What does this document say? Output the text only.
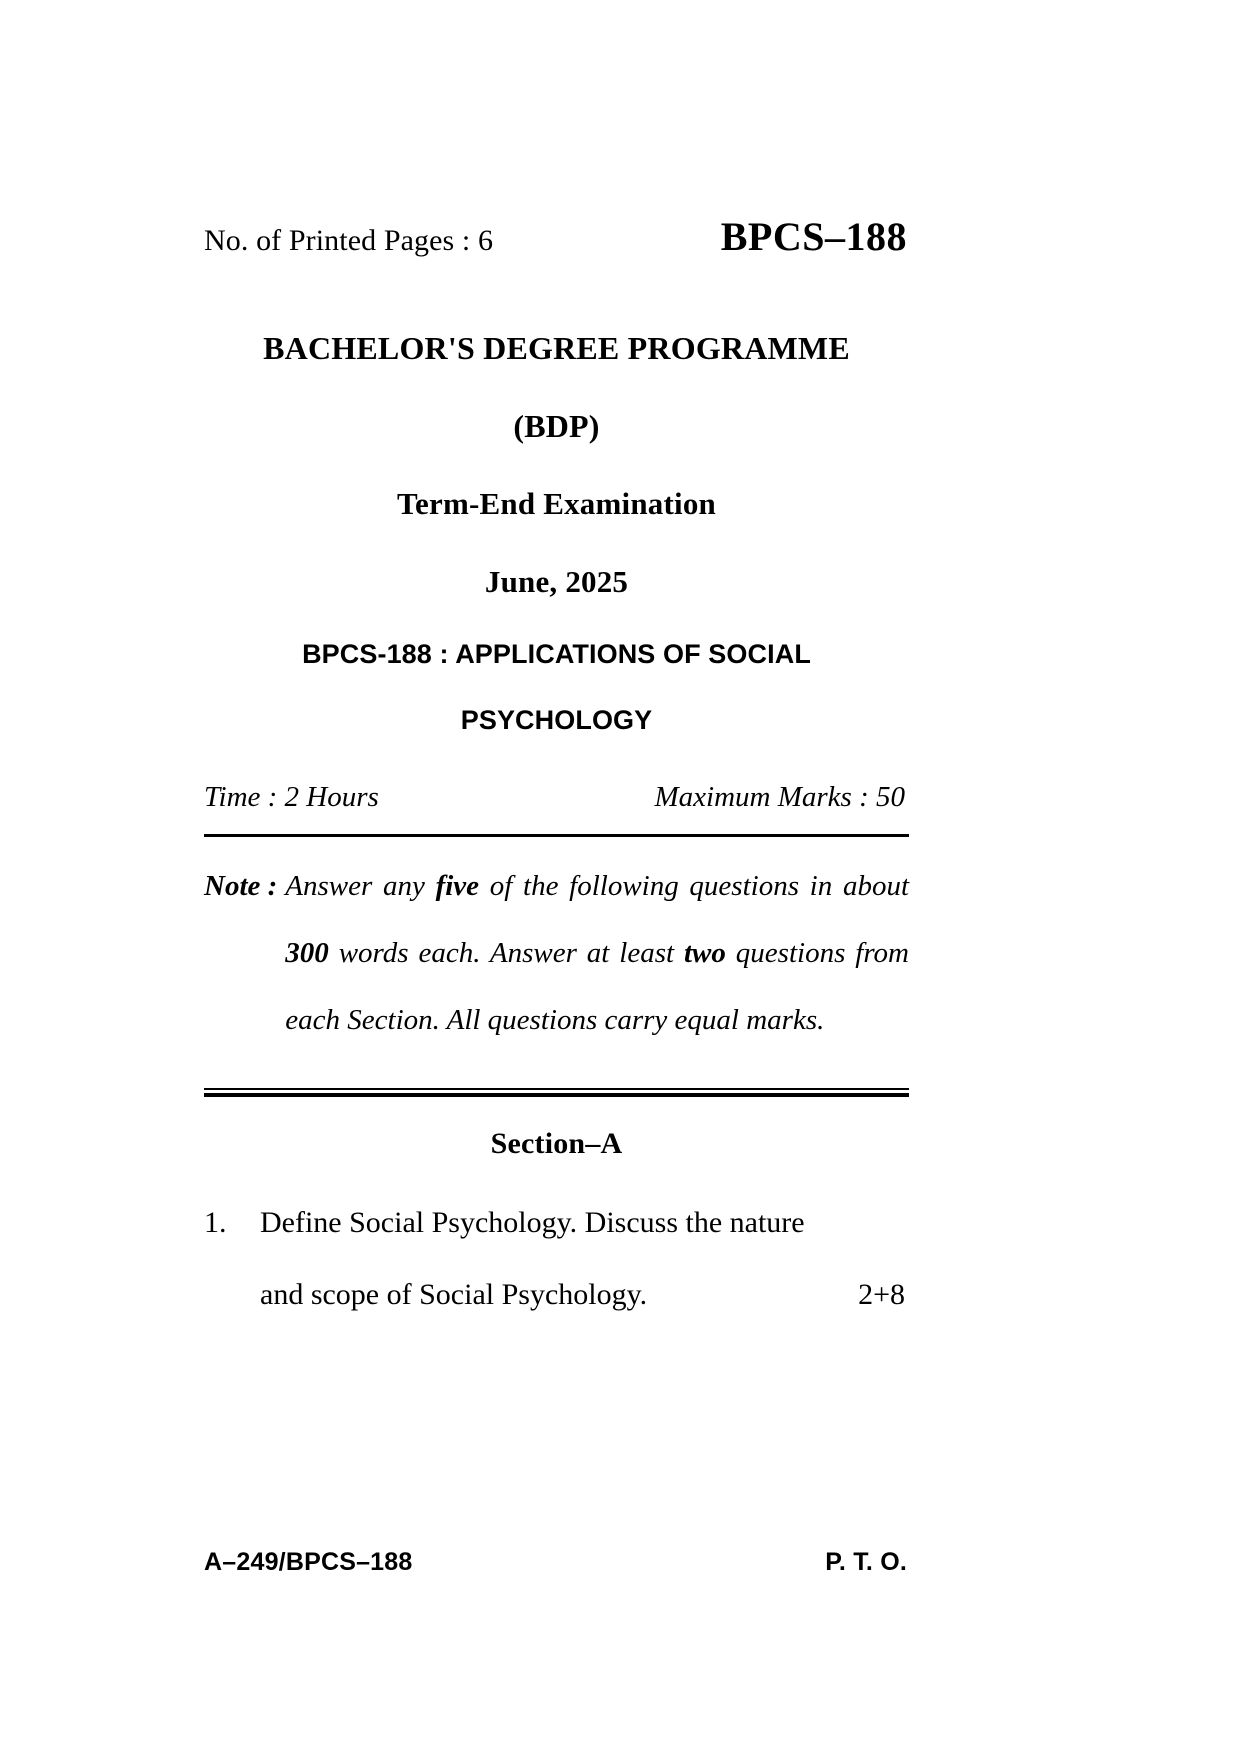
No. of Printed Pages : 6	BPCS–188
BACHELOR'S DEGREE PROGRAMME
(BDP)
Term-End Examination
June, 2025
BPCS-188 : APPLICATIONS OF SOCIAL
PSYCHOLOGY
Time : 2 Hours	Maximum Marks : 50
Note : Answer any five of the following questions in about 300 words each. Answer at least two questions from each Section. All questions carry equal marks.
Section–A
1.	Define Social Psychology. Discuss the nature
and scope of Social Psychology.	2+8
A–249/BPCS–188	P. T. O.
